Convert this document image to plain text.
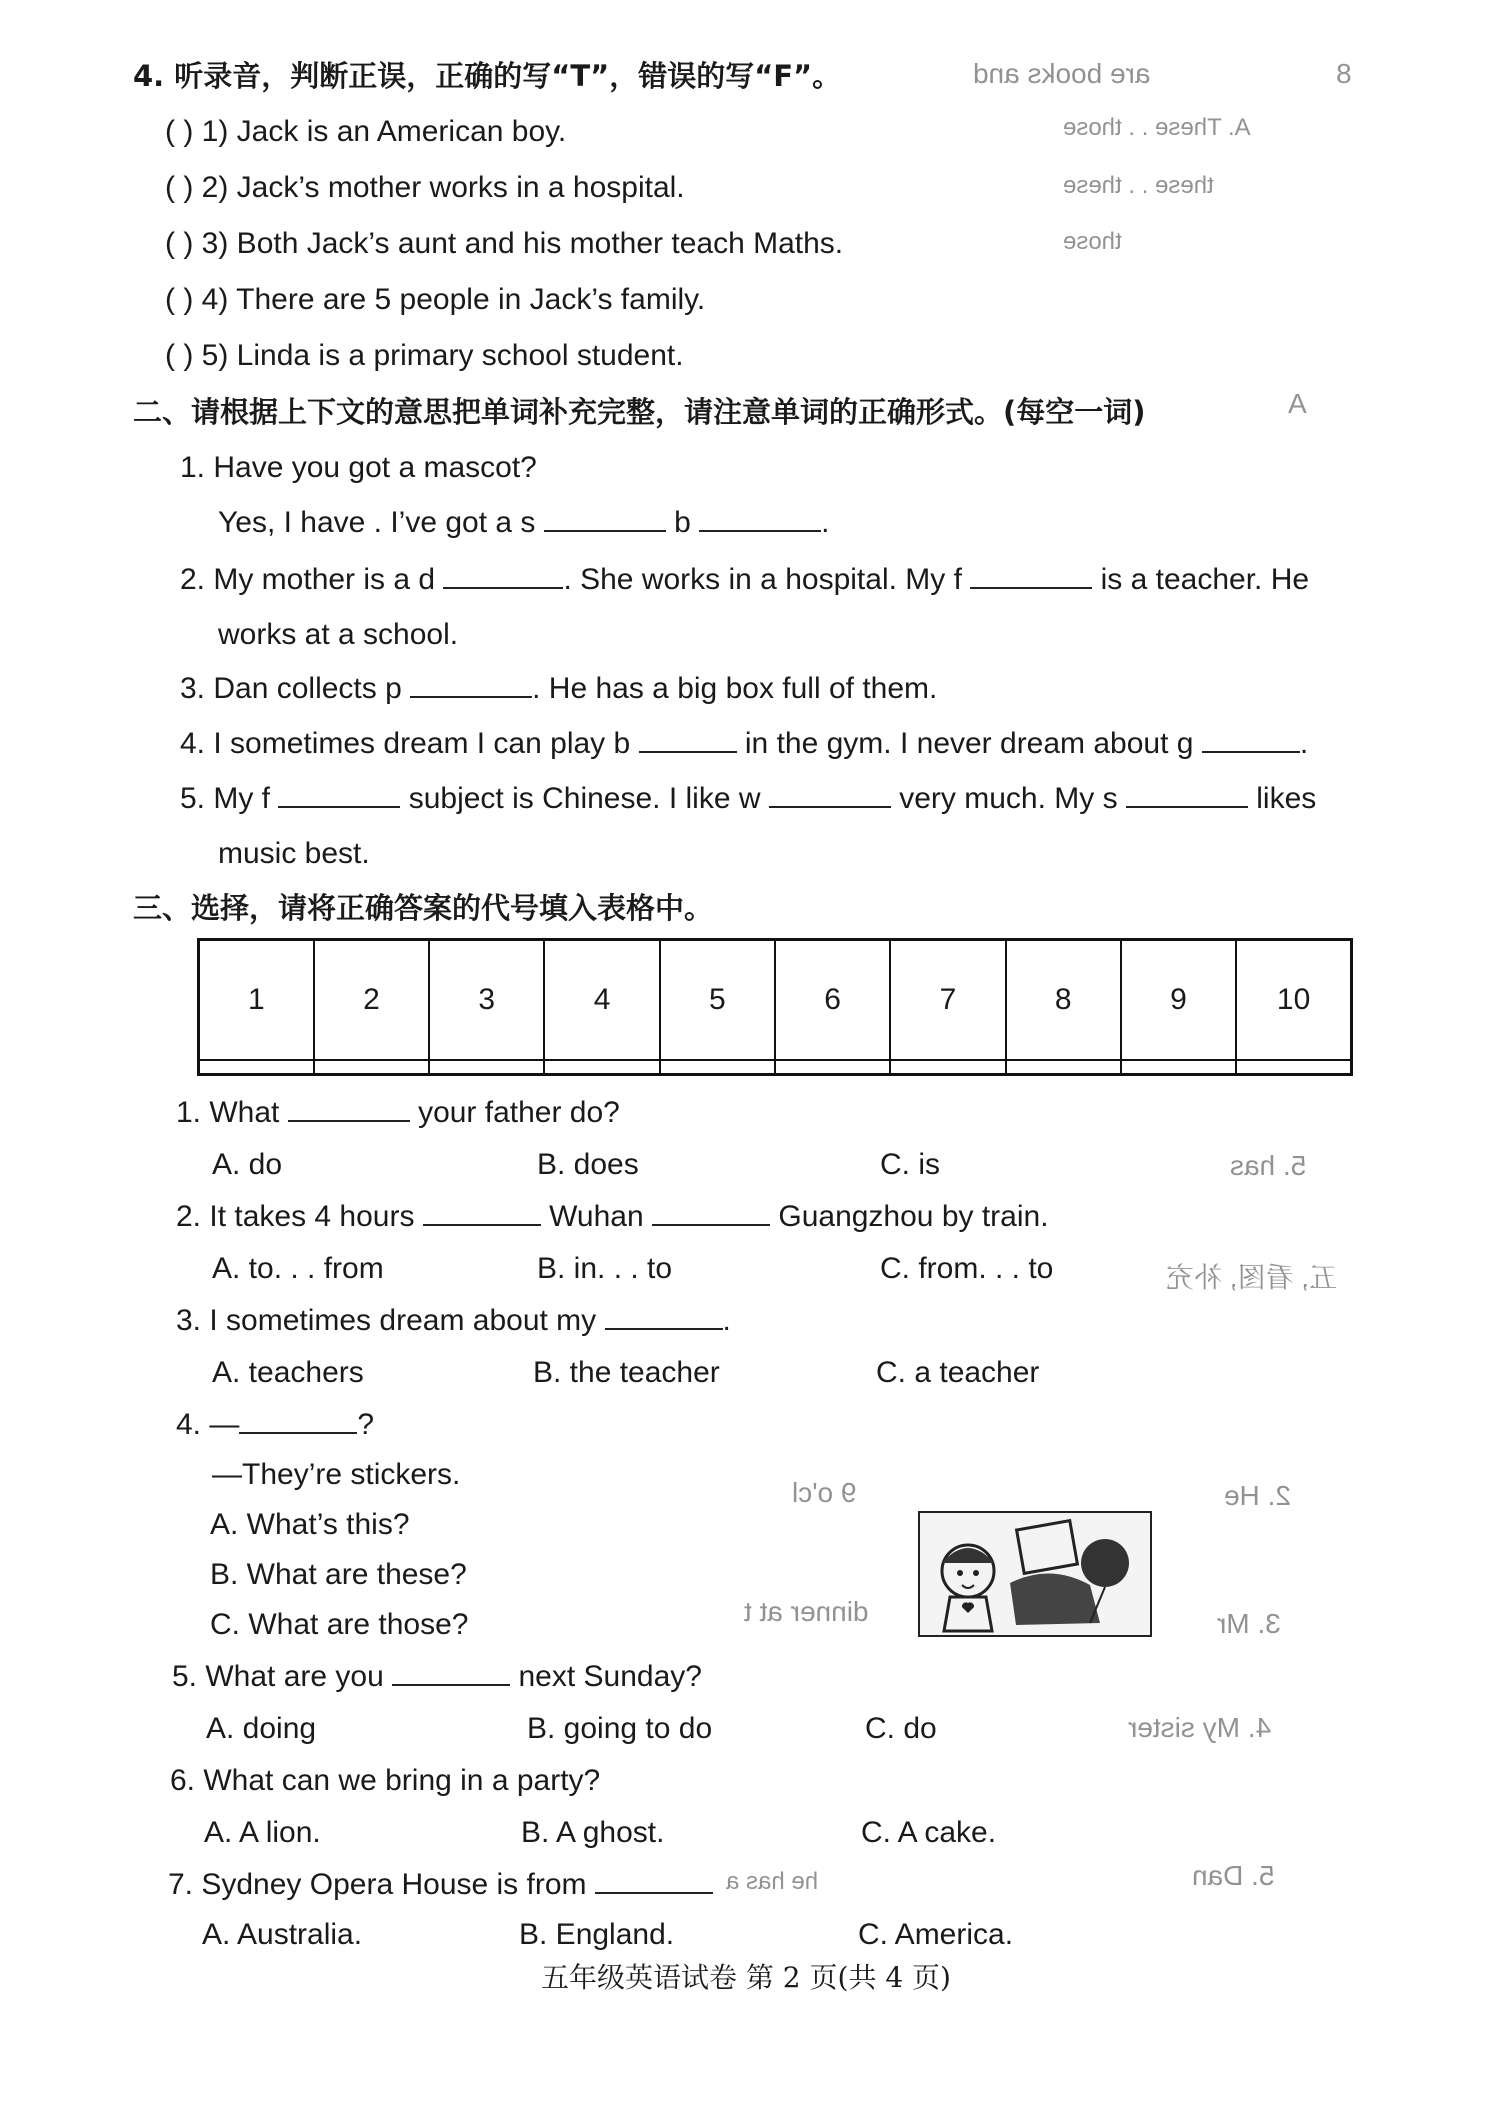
are books and	8
A. These . . those
these . . these
those
A
5. has
五, 看图, 补充
9 o'cl	2. He
dinner at t	3. Mr
4. My sister
he has a	5. Dan
4. 听录音，判断正误，正确的写“T”，错误的写“F”。
( ) 1) Jack is an American boy.
( ) 2) Jack’s mother works in a hospital.
( ) 3) Both Jack’s aunt and his mother teach Maths.
( ) 4) There are 5 people in Jack’s family.
( ) 5) Linda is a primary school student.
二、请根据上下文的意思把单词补充完整，请注意单词的正确形式。(每空一词)
1. Have you got a mascot?
Yes, I have . I’ve got a s	b	.
2. My mother is a d	. She works in a hospital. My f	is a teacher. He
works at a school.
3. Dan collects p	. He has a big box full of them.
4. I sometimes dream I can play b	in the gym. I never dream about g	.
5. My f	subject is Chinese. I like w	very much. My s	likes
music best.
三、选择，请将正确答案的代号填入表格中。
1	2	3	4	5	6	7	8	9	10

1. What	your father do?
A. do	B. does	C. is
2. It takes 4 hours	Wuhan	Guangzhou by train.
A. to. . . from	B. in. . . to	C. from. . . to
3. I sometimes dream about my	.
A. teachers	B. the teacher	C. a teacher
4. —	?
—They’re stickers.
A. What’s this?
B. What are these?
C. What are those?
5. What are you	next Sunday?
A. doing	B. going to do	C. do
6. What can we bring in a party?
A. A lion.	B. A ghost.	C. A cake.
7. Sydney Opera House is from
A. Australia.	B. England.	C. America.
五年级英语试卷 第 2 页(共 4 页)
